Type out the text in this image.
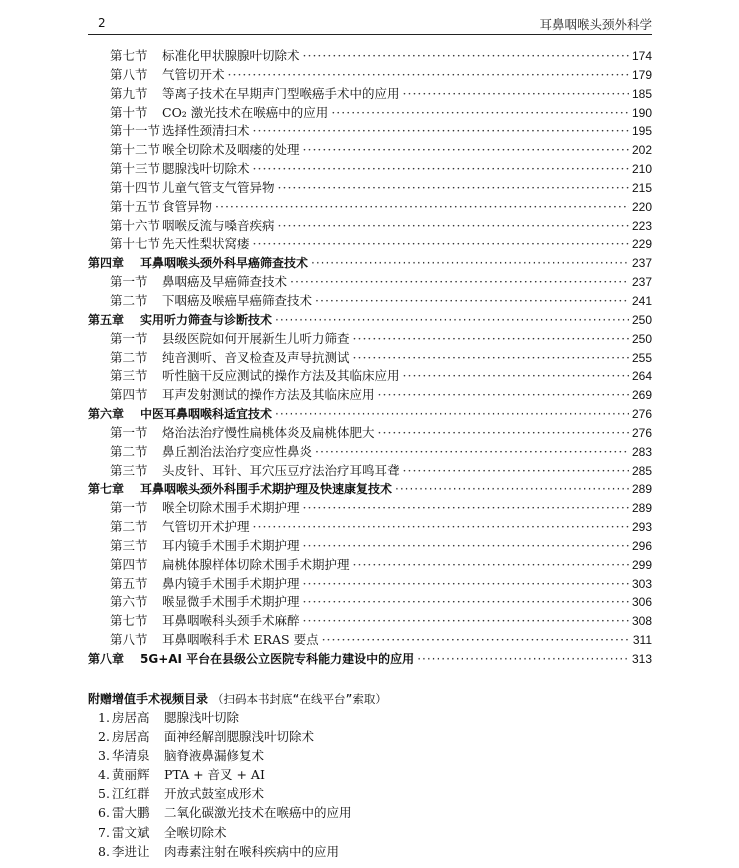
2	耳鼻咽喉头颈外科学
第七节	标准化甲状腺腺叶切除术 ·····	174
第八节	气管切开术 ·····	179
第九节	等离子技术在早期声门型喉癌手术中的应用 ·····	185
第十节	CO₂ 激光技术在喉癌中的应用 ·····	190
第十一节 选择性颈清扫术 ·····	195
第十二节 喉全切除术及咽瘘的处理 ·····	202
第十三节 腮腺浅叶切除术 ·····	210
第十四节 儿童气管支气管异物 ·····	215
第十五节 食管异物 ·····	220
第十六节 咽喉反流与嗓音疾病 ·····	223
第十七节 先天性梨状窝瘘 ·····	229
第四章	耳鼻咽喉头颈外科早癌筛查技术 ·····	237
第一节	鼻咽癌及早癌筛查技术 ·····	237
第二节	下咽癌及喉癌早癌筛查技术 ·····	241
第五章	实用听力筛查与诊断技术 ·····	250
第一节	县级医院如何开展新生儿听力筛查 ·····	250
第二节	纯音测听、音叉检查及声导抗测试 ·····	255
第三节	听性脑干反应测试的操作方法及其临床应用 ·····	264
第四节	耳声发射测试的操作方法及其临床应用 ·····	269
第六章	中医耳鼻咽喉科适宜技术 ·····	276
第一节	烙治法治疗慢性扁桃体炎及扁桃体肥大 ·····	276
第二节	鼻丘割治法治疗变应性鼻炎 ·····	283
第三节	头皮针、耳针、耳穴压豆疗法治疗耳鸣耳聋 ·····	285
第七章	耳鼻咽喉头颈外科围手术期护理及快速康复技术 ·····	289
第一节	喉全切除术围手术期护理 ·····	289
第二节	气管切开术护理 ·····	293
第三节	耳内镜手术围手术期护理 ·····	296
第四节	扁桃体腺样体切除术围手术期护理 ·····	299
第五节	鼻内镜手术围手术期护理 ·····	303
第六节	喉显微手术围手术期护理 ·····	306
第七节	耳鼻咽喉科头颈手术麻醉 ·····	308
第八节	耳鼻咽喉科手术 ERAS 要点 ·····	311
第八章	5G+AI 平台在县级公立医院专科能力建设中的应用 ·····	313
附赠增值手术视频目录 （扫码本书封底“在线平台”索取）
1. 房居高 腮腺浅叶切除
2. 房居高 面神经解剖腮腺浅叶切除术
3. 华清泉 脑脊液鼻漏修复术
4. 黄丽辉 PTA + 音叉 + AI
5. 江红群 开放式鼓室成形术
6. 雷大鹏 二氧化碳激光技术在喉癌中的应用
7. 雷文斌 全喉切除术
8. 李进让 肉毒素注射在喉科疾病中的应用
